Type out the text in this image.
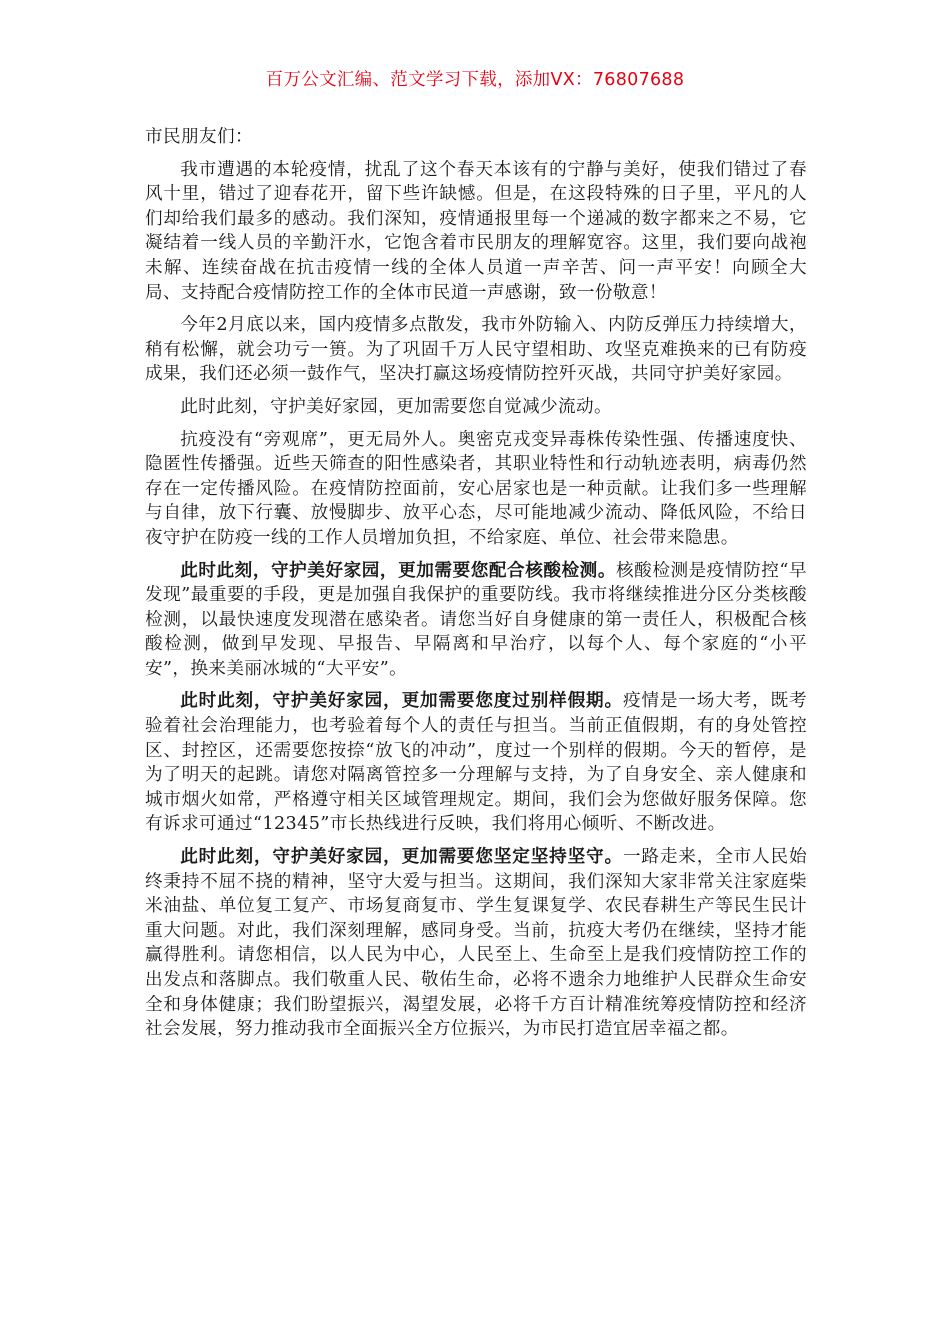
百万公文汇编、范文学习下载，添加VX：76807688

市民朋友们：

我市遭遇的本轮疫情，扰乱了这个春天本该有的宁静与美好，使我们错过了春风十里，错过了迎春花开，留下些许缺憾。但是，在这段特殊的日子里，平凡的人们却给我们最多的感动。我们深知，疫情通报里每一个递减的数字都来之不易，它凝结着一线人员的辛勤汗水，它饱含着市民朋友的理解宽容。这里，我们要向战袍未解、连续奋战在抗击疫情一线的全体人员道一声辛苦、问一声平安！向顾全大局、支持配合疫情防控工作的全体市民道一声感谢，致一份敬意！

今年2月底以来，国内疫情多点散发，我市外防输入、内防反弹压力持续增大，稍有松懈，就会功亏一篑。为了巩固千万人民守望相助、攻坚克难换来的已有防疫成果，我们还必须一鼓作气，坚决打赢这场疫情防控歼灭战，共同守护美好家园。

此时此刻，守护美好家园，更加需要您自觉减少流动。

抗疫没有“旁观席”，更无局外人。奥密克戎变异毒株传染性强、传播速度快、隐匿性传播强。近些天筛查的阳性感染者，其职业特性和行动轨迹表明，病毒仍然存在一定传播风险。在疫情防控面前，安心居家也是一种贡献。让我们多一些理解与自律，放下行囊、放慢脚步、放平心态，尽可能地减少流动、降低风险，不给日夜守护在防疫一线的工作人员增加负担，不给家庭、单位、社会带来隐患。

此时此刻，守护美好家园，更加需要您配合核酸检测。核酸检测是疫情防控“早发现”最重要的手段，更是加强自我保护的重要防线。我市将继续推进分区分类核酸检测，以最快速度发现潜在感染者。请您当好自身健康的第一责任人，积极配合核酸检测，做到早发现、早报告、早隔离和早治疗，以每个人、每个家庭的“小平安”，换来美丽冰城的“大平安”。

此时此刻，守护美好家园，更加需要您度过别样假期。疫情是一场大考，既考验着社会治理能力，也考验着每个人的责任与担当。当前正值假期，有的身处管控区、封控区，还需要您按捺“放飞的冲动”，度过一个别样的假期。今天的暂停，是为了明天的起跳。请您对隔离管控多一分理解与支持，为了自身安全、亲人健康和城市烟火如常，严格遵守相关区域管理规定。期间，我们会为您做好服务保障。您有诉求可通过“12345”市长热线进行反映，我们将用心倾听、不断改进。

此时此刻，守护美好家园，更加需要您坚定坚持坚守。一路走来，全市人民始终秉持不屈不挠的精神，坚守大爱与担当。这期间，我们深知大家非常关注家庭柴米油盐、单位复工复产、市场复商复市、学生复课复学、农民春耕生产等民生民计重大问题。对此，我们深刻理解，感同身受。当前，抗疫大考仍在继续，坚持才能赢得胜利。请您相信，以人民为中心，人民至上、生命至上是我们疫情防控工作的出发点和落脚点。我们敬重人民、敬佑生命，必将不遗余力地维护人民群众生命安全和身体健康；我们盼望振兴，渴望发展，必将千方百计精准统筹疫情防控和经济社会发展，努力推动我市全面振兴全方位振兴，为市民打造宜居幸福之都。
